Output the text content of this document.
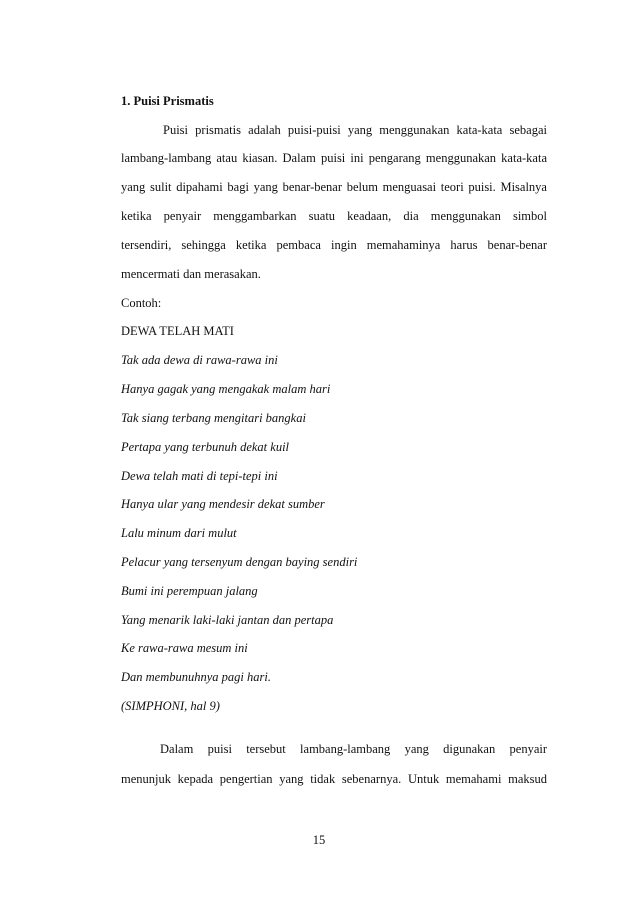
1. Puisi Prismatis
Puisi prismatis adalah puisi-puisi yang menggunakan kata-kata sebagai
lambang-lambang atau kiasan. Dalam puisi ini pengarang menggunakan kata-kata
yang sulit dipahami bagi yang benar-benar belum menguasai teori puisi. Misalnya
ketika penyair menggambarkan suatu keadaan, dia menggunakan simbol
tersendiri, sehingga ketika pembaca ingin memahaminya harus benar-benar
mencermati dan merasakan.
Contoh:
DEWA TELAH MATI
Tak ada dewa di rawa-rawa ini
Hanya gagak yang mengakak malam hari
Tak siang terbang mengitari bangkai
Pertapa yang terbunuh dekat kuil
Dewa telah mati di tepi-tepi ini
Hanya ular yang mendesir dekat sumber
Lalu minum dari mulut
Pelacur yang tersenyum dengan baying sendiri
Bumi ini perempuan jalang
Yang menarik laki-laki jantan dan pertapa
Ke rawa-rawa mesum ini
Dan membunuhnya pagi hari.
(SIMPHONI, hal 9)
Dalam puisi tersebut lambang-lambang yang digunakan penyair
menunjuk kepada pengertian yang tidak sebenarnya. Untuk memahami maksud
15
